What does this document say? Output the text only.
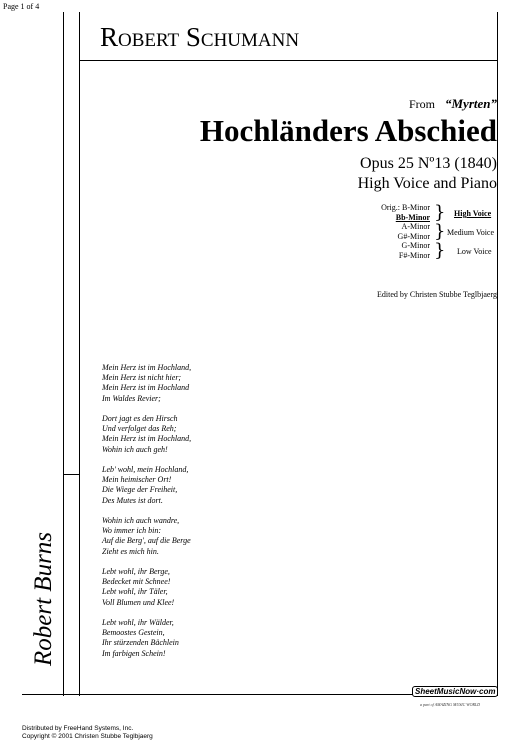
Page 1 of 4
Robert Schumann
From “Myrten”
Hochländers Abschied
Opus 25 Nº13 (1840)
High Voice and Piano
Orig.: B-Minor
Bb-Minor
A-Minor
G#-Minor
G-Minor
F#-Minor
}
}
}
High Voice
Medium Voice
Low Voice
Edited by Christen Stubbe Teglbjaerg
Mein Herz ist im Hochland,
Mein Herz ist nicht hier;
Mein Herz ist im Hochland
Im Waldes Revier;
Dort jagt es den Hirsch
Und verfolget das Reh;
Mein Herz ist im Hochland,
Wohin ich auch geh!
Leb' wohl, mein Hochland,
Mein heimischer Ort!
Die Wiege der Freiheit,
Des Mutes ist dort.
Wohin ich auch wandre,
Wo immer ich bin:
Auf die Berg', auf die Berge
Zieht es mich hin.
Lebt wohl, ihr Berge,
Bedecket mit Schnee!
Lebt wohl, ihr Täler,
Voll Blumen und Klee!
Lebt wohl, ihr Wälder,
Bemoostes Gestein,
Ihr stürzenden Bächlein
Im farbigen Schein!
Robert Burns
SheetMusicNow·com
a part of AMAZING MUSIC WORLD
Distributed by FreeHand Systems, Inc.
Copyright © 2001 Christen Stubbe Teglbjaerg
